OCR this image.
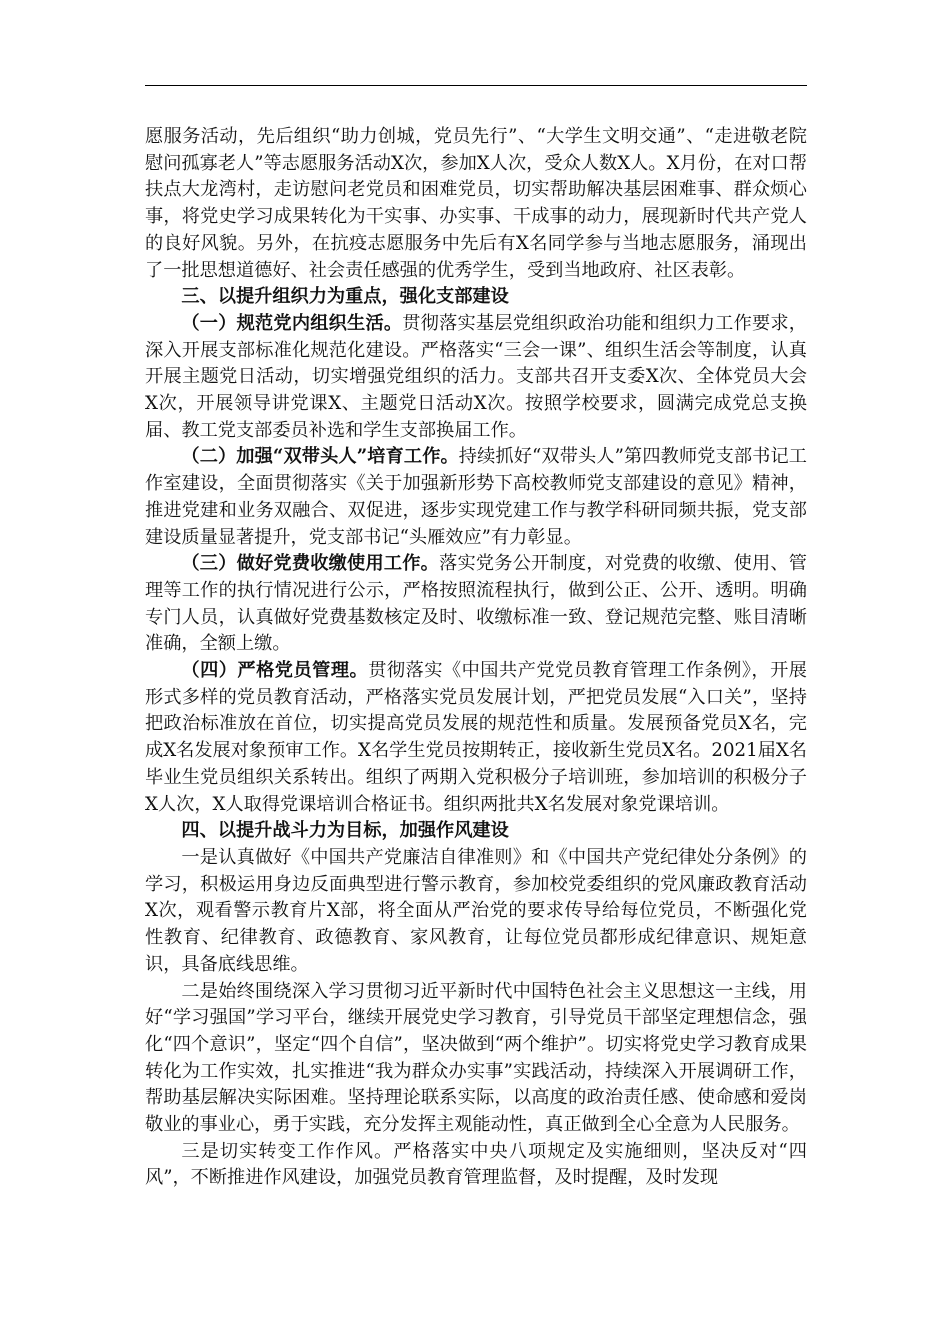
愿服务活动，先后组织“助力创城，党员先行”、“大学生文明交通”、“走进敬老院慰问孤寡老人”等志愿服务活动X次，参加X人次，受众人数X人。X月份，在对口帮扶点大龙湾村，走访慰问老党员和困难党员，切实帮助解决基层困难事、群众烦心事，将党史学习成果转化为干实事、办实事、干成事的动力，展现新时代共产党人的良好风貌。另外，在抗疫志愿服务中先后有X名同学参与当地志愿服务，涌现出了一批思想道德好、社会责任感强的优秀学生，受到当地政府、社区表彰。

三、以提升组织力为重点，强化支部建设

（一）规范党内组织生活。贯彻落实基层党组织政治功能和组织力工作要求，深入开展支部标准化规范化建设。严格落实“三会一课”、组织生活会等制度，认真开展主题党日活动，切实增强党组织的活力。支部共召开支委X次、全体党员大会X次，开展领导讲党课X、主题党日活动X次。按照学校要求，圆满完成党总支换届、教工党支部委员补选和学生支部换届工作。

（二）加强“双带头人”培育工作。持续抓好“双带头人”第四教师党支部书记工作室建设，全面贯彻落实《关于加强新形势下高校教师党支部建设的意见》精神，推进党建和业务双融合、双促进，逐步实现党建工作与教学科研同频共振，党支部建设质量显著提升，党支部书记“头雁效应”有力彰显。

（三）做好党费收缴使用工作。落实党务公开制度，对党费的收缴、使用、管理等工作的执行情况进行公示，严格按照流程执行，做到公正、公开、透明。明确专门人员，认真做好党费基数核定及时、收缴标准一致、登记规范完整、账目清晰准确，全额上缴。

（四）严格党员管理。贯彻落实《中国共产党党员教育管理工作条例》，开展形式多样的党员教育活动，严格落实党员发展计划，严把党员发展“入口关”，坚持把政治标准放在首位，切实提高党员发展的规范性和质量。发展预备党员X名，完成X名发展对象预审工作。X名学生党员按期转正，接收新生党员X名。2021届X名毕业生党员组织关系转出。组织了两期入党积极分子培训班，参加培训的积极分子X人次，X人取得党课培训合格证书。组织两批共X名发展对象党课培训。

四、以提升战斗力为目标，加强作风建设

一是认真做好《中国共产党廉洁自律准则》和《中国共产党纪律处分条例》的学习，积极运用身边反面典型进行警示教育，参加校党委组织的党风廉政教育活动X次，观看警示教育片X部，将全面从严治党的要求传导给每位党员，不断强化党性教育、纪律教育、政德教育、家风教育，让每位党员都形成纪律意识、规矩意识，具备底线思维。

二是始终围绕深入学习贯彻习近平新时代中国特色社会主义思想这一主线，用好“学习强国”学习平台，继续开展党史学习教育，引导党员干部坚定理想信念，强化“四个意识”，坚定“四个自信”，坚决做到“两个维护”。切实将党史学习教育成果转化为工作实效，扎实推进“我为群众办实事”实践活动，持续深入开展调研工作，帮助基层解决实际困难。坚持理论联系实际，以高度的政治责任感、使命感和爱岗敬业的事业心，勇于实践，充分发挥主观能动性，真正做到全心全意为人民服务。

三是切实转变工作作风。严格落实中央八项规定及实施细则，坚决反对“四风”，不断推进作风建设，加强党员教育管理监督，及时提醒，及时发现
